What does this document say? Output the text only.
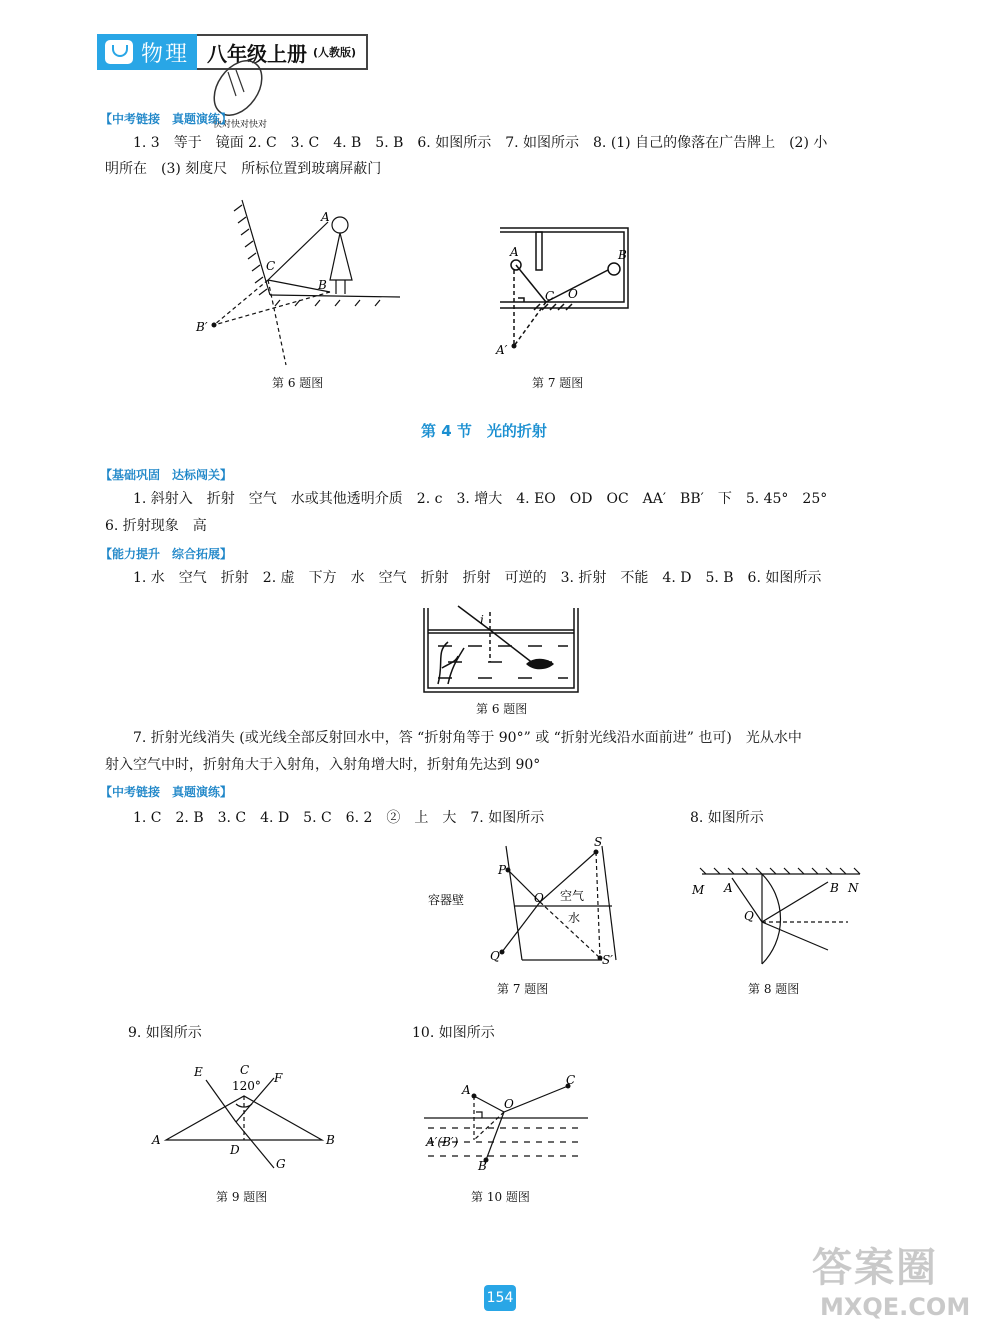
物理 八年级上册 (人教版)
快对快对快对
【中考链接　真题演练】
1. 3　等于　镜面 2. C　3. C　4. B　5. B　6. 如图所示　7. 如图所示　8. (1) 自己的像落在广告牌上　(2) 小
明所在　(3) 刻度尺　所标位置到玻璃屏蔽门
A
B
C
B′
第 6 题图
A	B
C O
A′
第 7 题图
第 4 节　光的折射
【基础巩固　达标闯关】
1. 斜射入　折射　空气　水或其他透明介质　2. c　3. 增大　4. EO　OD　OC　AA′　BB′　下　5. 45°　25°
6. 折射现象　高
【能力提升　综合拓展】
1. 水　空气　折射　2. 虚　下方　水　空气　折射　折射　可逆的　3. 折射　不能　4. D　5. B　6. 如图所示
i
第 6 题图
7. 折射光线消失 (或光线全部反射回水中，答 “折射角等于 90°” 或 “折射光线沿水面前进” 也可)　光从水中
射入空气中时，折射角大于入射角，入射角增大时，折射角先达到 90°
【中考链接　真题演练】
1. C　2. B　3. C　4. D　5. C　6. 2　②　上　大　7. 如图所示	8. 如图所示
P
S
O
Q	S′
空气
水
容器壁
第 7 题图
M A	B N
Q
第 8 题图
9. 如图所示	10. 如图所示
E	C
F
120°
A	B
D
G
第 9 题图
A
O
C
A′(B′)
B
第 10 题图
154
答案圈
MXQE.COM
